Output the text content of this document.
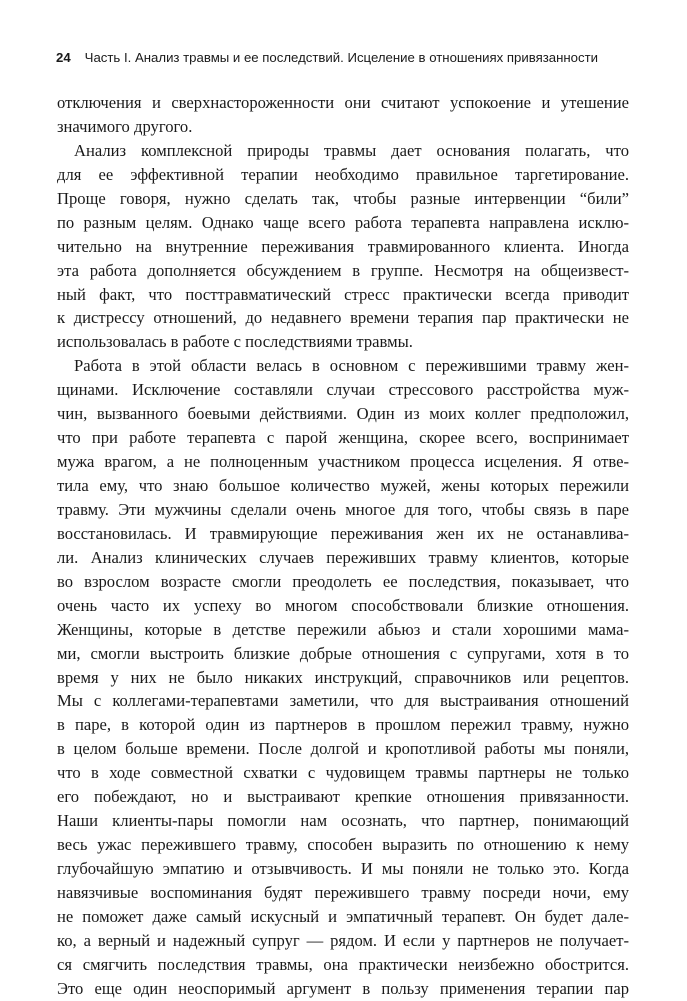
24 Часть I. Анализ травмы и ее последствий. Исцеление в отношениях привязанности
отключения и сверхнастороженности они считают успокоение и утешение
значимого другого.
Анализ комплексной природы травмы дает основания полагать, что
для ее эффективной терапии необходимо правильное таргетирование.
Проще говоря, нужно сделать так, чтобы разные интервенции “били”
по разным целям. Однако чаще всего работа терапевта направлена исклю-
чительно на внутренние переживания травмированного клиента. Иногда
эта работа дополняется обсуждением в группе. Несмотря на общеизвест-
ный факт, что посттравматический стресс практически всегда приводит
к дистрессу отношений, до недавнего времени терапия пар практически не
использовалась в работе с последствиями травмы.
Работа в этой области велась в основном с пережившими травму жен-
щинами. Исключение составляли случаи стрессового расстройства муж-
чин, вызванного боевыми действиями. Один из моих коллег предположил,
что при работе терапевта с парой женщина, скорее всего, воспринимает
мужа врагом, а не полноценным участником процесса исцеления. Я отве-
тила ему, что знаю большое количество мужей, жены которых пережили
травму. Эти мужчины сделали очень многое для того, чтобы связь в паре
восстановилась. И травмирующие переживания жен их не останавлива-
ли. Анализ клинических случаев переживших травму клиентов, которые
во взрослом возрасте смогли преодолеть ее последствия, показывает, что
очень часто их успеху во многом способствовали близкие отношения.
Женщины, которые в детстве пережили абьюз и стали хорошими мама-
ми, смогли выстроить близкие добрые отношения с супругами, хотя в то
время у них не было никаких инструкций, справочников или рецептов.
Мы с коллегами-терапевтами заметили, что для выстраивания отношений
в паре, в которой один из партнеров в прошлом пережил травму, нужно
в целом больше времени. После долгой и кропотливой работы мы поняли,
что в ходе совместной схватки с чудовищем травмы партнеры не только
его побеждают, но и выстраивают крепкие отношения привязанности.
Наши клиенты-пары помогли нам осознать, что партнер, понимающий
весь ужас пережившего травму, способен выразить по отношению к нему
глубочайшую эмпатию и отзывчивость. И мы поняли не только это. Когда
навязчивые воспоминания будят пережившего травму посреди ночи, ему
не поможет даже самый искусный и эмпатичный терапевт. Он будет дале-
ко, а верный и надежный супруг — рядом. И если у партнеров не получает-
ся смягчить последствия травмы, она практически неизбежно обострится.
Это еще один неоспоримый аргумент в пользу применения терапии пар
